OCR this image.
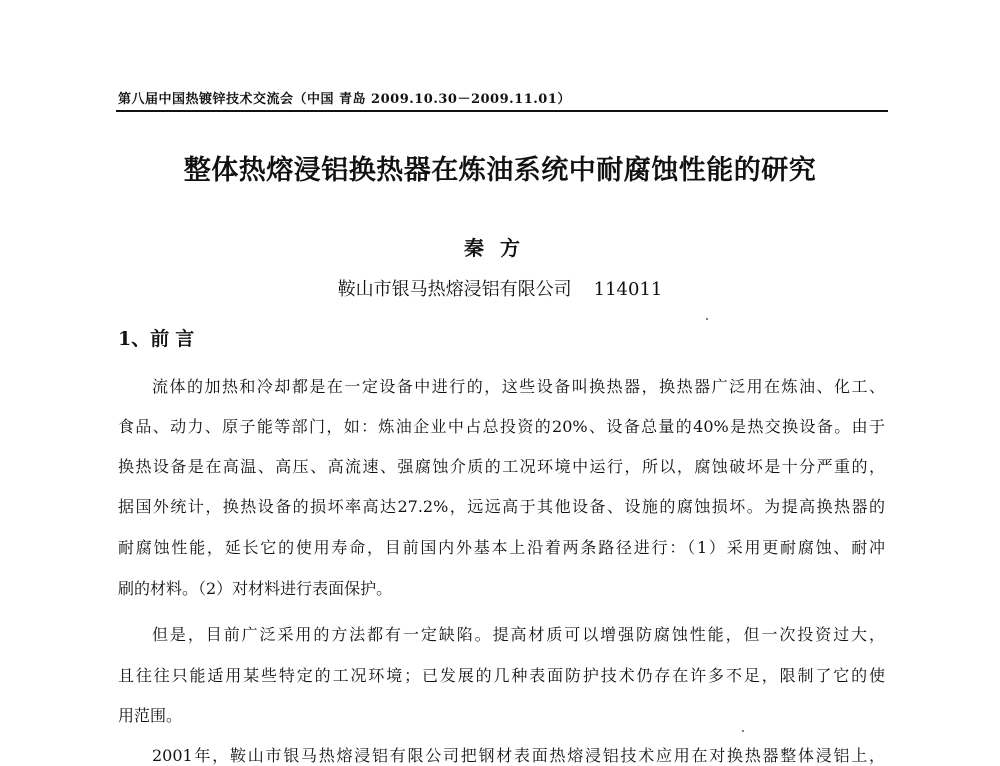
第八届中国热镀锌技术交流会（中国 青岛 2009.10.30－2009.11.01）
整体热熔浸铝换热器在炼油系统中耐腐蚀性能的研究
秦方
鞍山市银马热熔浸铝有限公司 114011
1、前言
流体的加热和冷却都是在一定设备中进行的，这些设备叫换热器，换热器广泛用在炼油、化工、
食品、动力、原子能等部门，如：炼油企业中占总投资的20%、设备总量的40%是热交换设备。由于
换热设备是在高温、高压、高流速、强腐蚀介质的工况环境中运行，所以，腐蚀破坏是十分严重的，
据国外统计，换热设备的损坏率高达27.2%，远远高于其他设备、设施的腐蚀损坏。为提高换热器的
耐腐蚀性能，延长它的使用寿命，目前国内外基本上沿着两条路径进行：（1）采用更耐腐蚀、耐冲
刷的材料。（2）对材料进行表面保护。
但是，目前广泛采用的方法都有一定缺陷。提高材质可以增强防腐蚀性能，但一次投资过大，
且往往只能适用某些特定的工况环境；已发展的几种表面防护技术仍存在许多不足，限制了它的使
用范围。
2001年，鞍山市银马热熔浸铝有限公司把钢材表面热熔浸铝技术应用在对换热器整体浸铝上，
